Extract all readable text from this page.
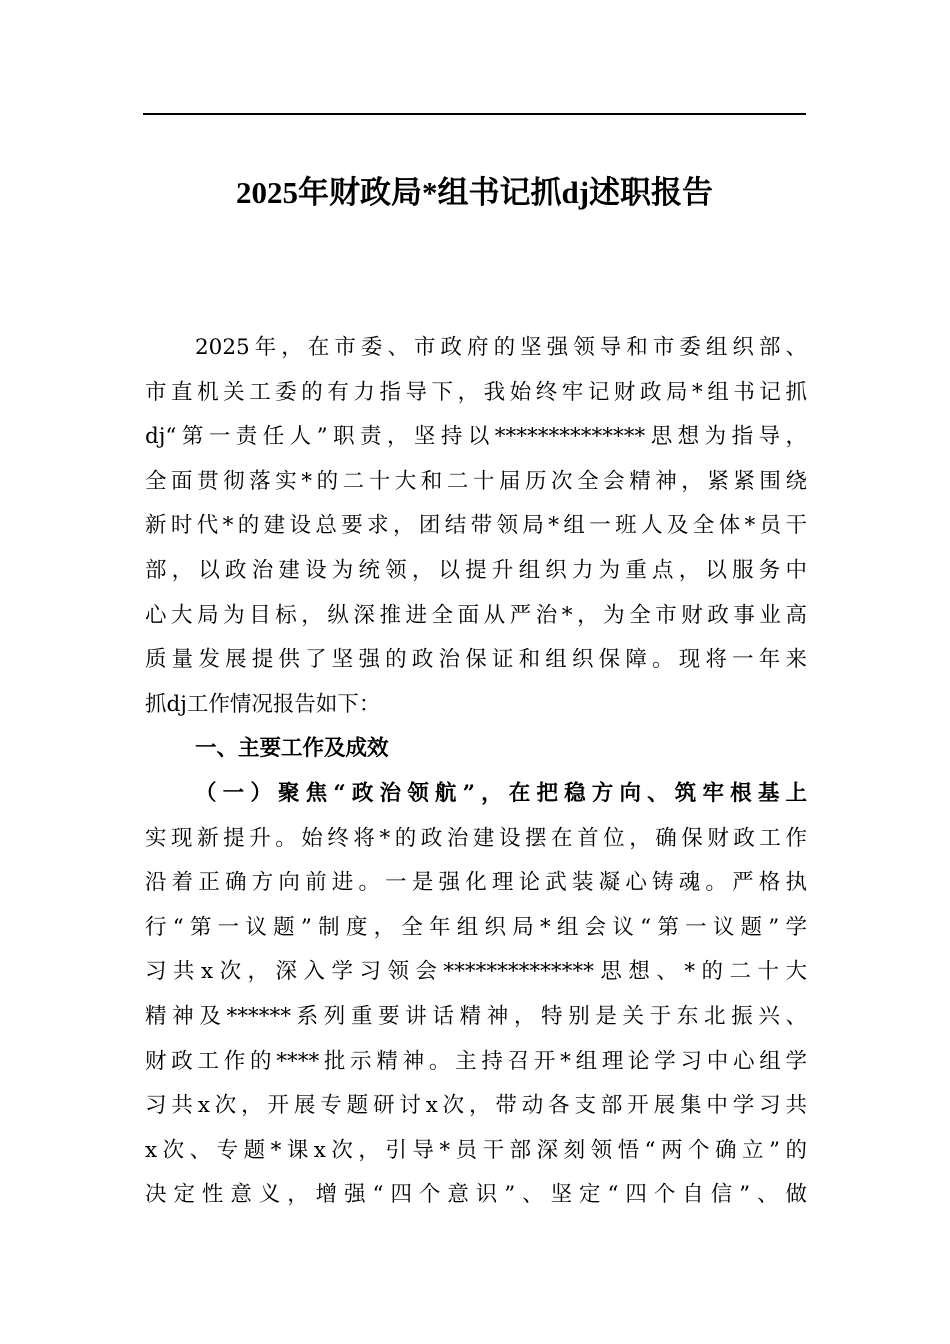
2025年财政局*组书记抓dj述职报告
2025年，在市委、市政府的坚强领导和市委组织部、
市直机关工委的有力指导下，我始终牢记财政局*组书记抓
dj“第一责任人”职责，坚持以**************思想为指导，
全面贯彻落实*的二十大和二十届历次全会精神，紧紧围绕
新时代*的建设总要求，团结带领局*组一班人及全体*员干
部，以政治建设为统领，以提升组织力为重点，以服务中
心大局为目标，纵深推进全面从严治*，为全市财政事业高
质量发展提供了坚强的政治保证和组织保障。现将一年来
抓dj工作情况报告如下：
一、主要工作及成效
（一）聚焦“政治领航”，在把稳方向、筑牢根基上
实现新提升。始终将*的政治建设摆在首位，确保财政工作
沿着正确方向前进。一是强化理论武装凝心铸魂。严格执
行“第一议题”制度，全年组织局*组会议“第一议题”学
习共x次，深入学习领会**************思想、*的二十大
精神及******系列重要讲话精神，特别是关于东北振兴、
财政工作的****批示精神。主持召开*组理论学习中心组学
习共x次，开展专题研讨x次，带动各支部开展集中学习共
x次、专题*课x次，引导*员干部深刻领悟“两个确立”的
决定性意义，增强“四个意识”、坚定“四个自信”、做
